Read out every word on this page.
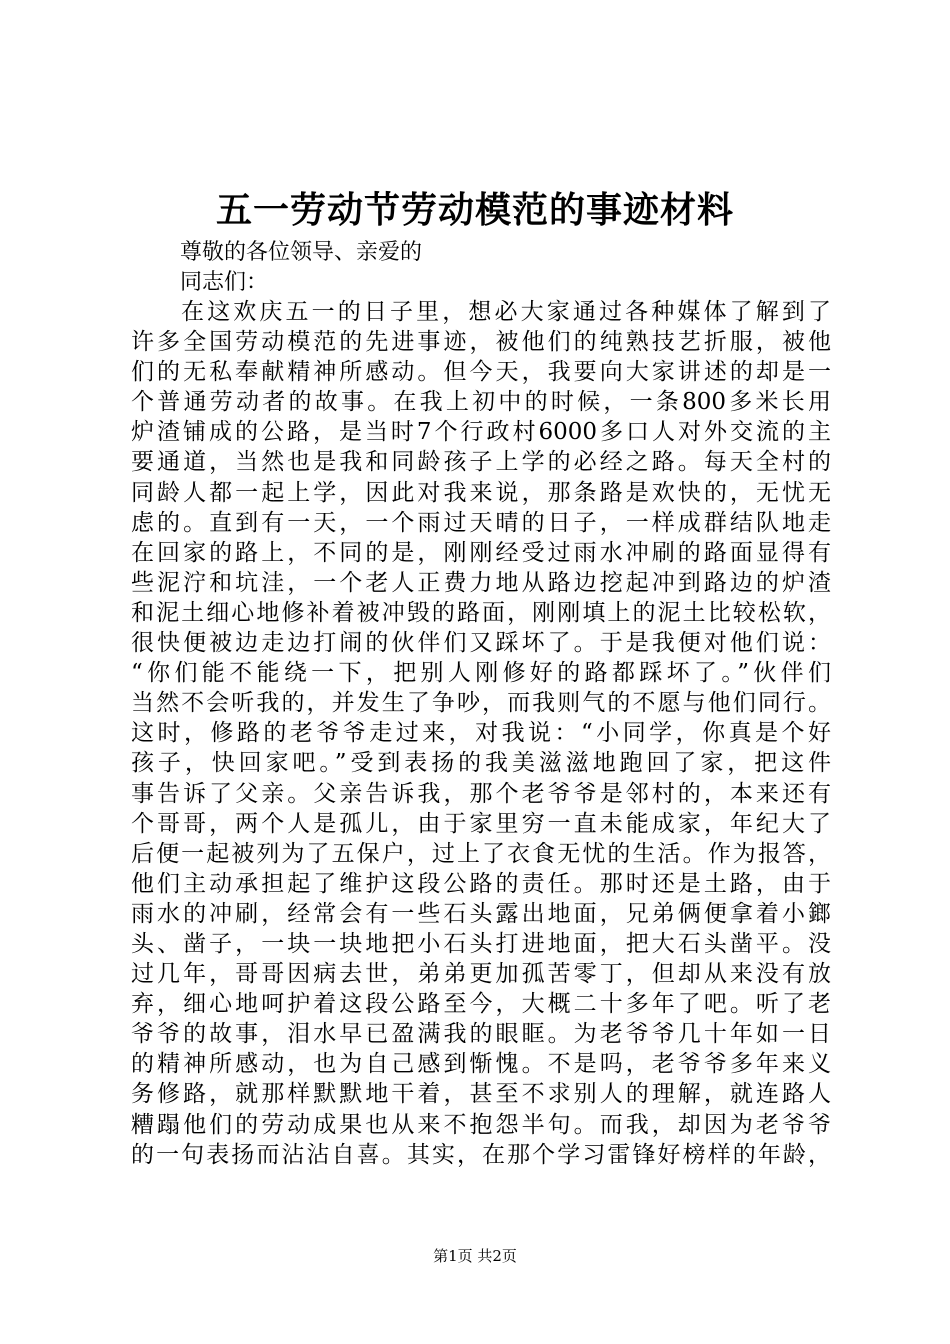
五一劳动节劳动模范的事迹材料
尊敬的各位领导、亲爱的
同志们：
在这欢庆五一的日子里，想必大家通过各种媒体了解到了
许多全国劳动模范的先进事迹，被他们的纯熟技艺折服，被他
们的无私奉献精神所感动。但今天，我要向大家讲述的却是一
个普通劳动者的故事。在我上初中的时候，一条800多米长用
炉渣铺成的公路，是当时7个行政村6000多口人对外交流的主
要通道，当然也是我和同龄孩子上学的必经之路。每天全村的
同龄人都一起上学，因此对我来说，那条路是欢快的，无忧无
虑的。直到有一天，一个雨过天晴的日子，一样成群结队地走
在回家的路上，不同的是，刚刚经受过雨水冲刷的路面显得有
些泥泞和坑洼，一个老人正费力地从路边挖起冲到路边的炉渣
和泥土细心地修补着被冲毁的路面，刚刚填上的泥土比较松软，
很快便被边走边打闹的伙伴们又踩坏了。于是我便对他们说：
“你们能不能绕一下，把别人刚修好的路都踩坏了。”伙伴们
当然不会听我的，并发生了争吵，而我则气的不愿与他们同行。
这时，修路的老爷爷走过来，对我说：“小同学，你真是个好
孩子，快回家吧。”受到表扬的我美滋滋地跑回了家，把这件
事告诉了父亲。父亲告诉我，那个老爷爷是邻村的，本来还有
个哥哥，两个人是孤儿，由于家里穷一直未能成家，年纪大了
后便一起被列为了五保户，过上了衣食无忧的生活。作为报答，
他们主动承担起了维护这段公路的责任。那时还是土路，由于
雨水的冲刷，经常会有一些石头露出地面，兄弟俩便拿着小鎯
头、凿子，一块一块地把小石头打进地面，把大石头凿平。没
过几年，哥哥因病去世，弟弟更加孤苦零丁，但却从来没有放
弃，细心地呵护着这段公路至今，大概二十多年了吧。听了老
爷爷的故事，泪水早已盈满我的眼眶。为老爷爷几十年如一日
的精神所感动，也为自己感到惭愧。不是吗，老爷爷多年来义
务修路，就那样默默地干着，甚至不求别人的理解，就连路人
糟蹋他们的劳动成果也从来不抱怨半句。而我，却因为老爷爷
的一句表扬而沾沾自喜。其实，在那个学习雷锋好榜样的年龄，
第1页 共2页
